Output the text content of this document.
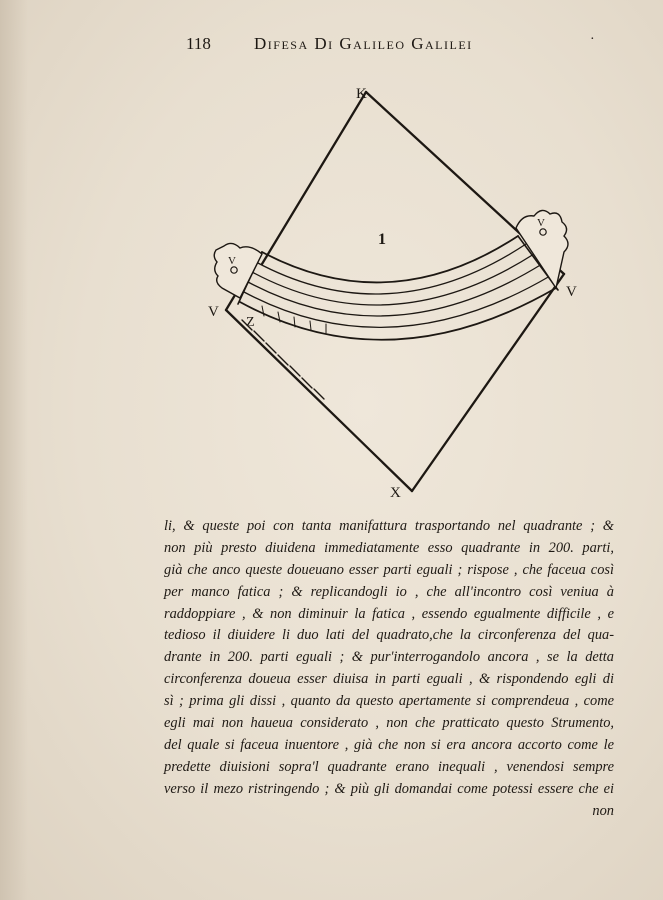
118	Difesa Di Galileo Galilei	·
K
X
V
V
1
Z
V
V
li, & queste poi con tanta manifattura trasportando nel quadrante ; &
non più presto diuidena immediatamente esso quadrante in 200. parti,
già che anco queste doueuano esser parti eguali ; rispose , che faceua così
per manco fatica ; & replicandogli io , che all'incontro così veniua à
raddoppiare , & non diminuir la fatica , essendo egualmente difficile , e
tedioso il diuidere li duo lati del quadrato,che la circonferenza del qua-
drante in 200. parti eguali ; & pur'interrogandolo ancora , se la detta
circonferenza doueua esser diuisa in parti eguali , & rispondendo egli di
sì ; prima gli dissi , quanto da questo apertamente si comprendeua , come
egli mai non haueua considerato , non che pratticato questo Strumento,
del quale si faceua inuentore , già che non si era ancora accorto come le
predette diuisioni sopra'l quadrante erano inequali , venendosi sempre
verso il mezo ristringendo ; & più gli domandai come potessi essere che ei
non
